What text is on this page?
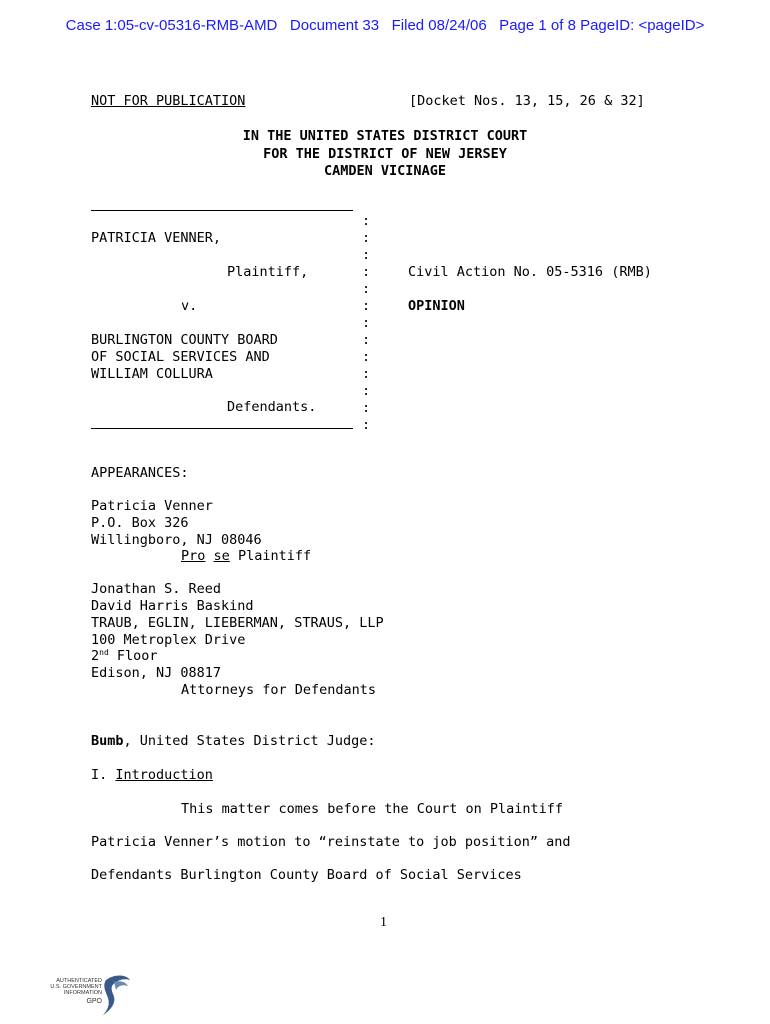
Case 1:05-cv-05316-RMB-AMD   Document 33   Filed 08/24/06   Page 1 of 8 PageID: <pageID>
NOT FOR PUBLICATION	[Docket Nos. 13, 15, 26 & 32]
IN THE UNITED STATES DISTRICT COURT
FOR THE DISTRICT OF NEW JERSEY
CAMDEN VICINAGE
:
:
:
:
:
:
:
:
:
:
:
:
:
PATRICIA VENNER,
Plaintiff,
v.
BURLINGTON COUNTY BOARD
OF SOCIAL SERVICES AND
WILLIAM COLLURA
Defendants.
Civil Action No. 05-5316 (RMB)
OPINION
APPEARANCES:
Patricia Venner
P.O. Box 326
Willingboro, NJ 08046
Pro se Plaintiff
Jonathan S. Reed
David Harris Baskind
TRAUB, EGLIN, LIEBERMAN, STRAUS, LLP
100 Metroplex Drive
2nd Floor
Edison, NJ 08817
Attorneys for Defendants
Bumb, United States District Judge:
I. Introduction
This matter comes before the Court on Plaintiff
Patricia Venner’s motion to “reinstate to job position” and
Defendants Burlington County Board of Social Services
1
AUTHENTICATED
U.S. GOVERNMENT
INFORMATION
GPO
